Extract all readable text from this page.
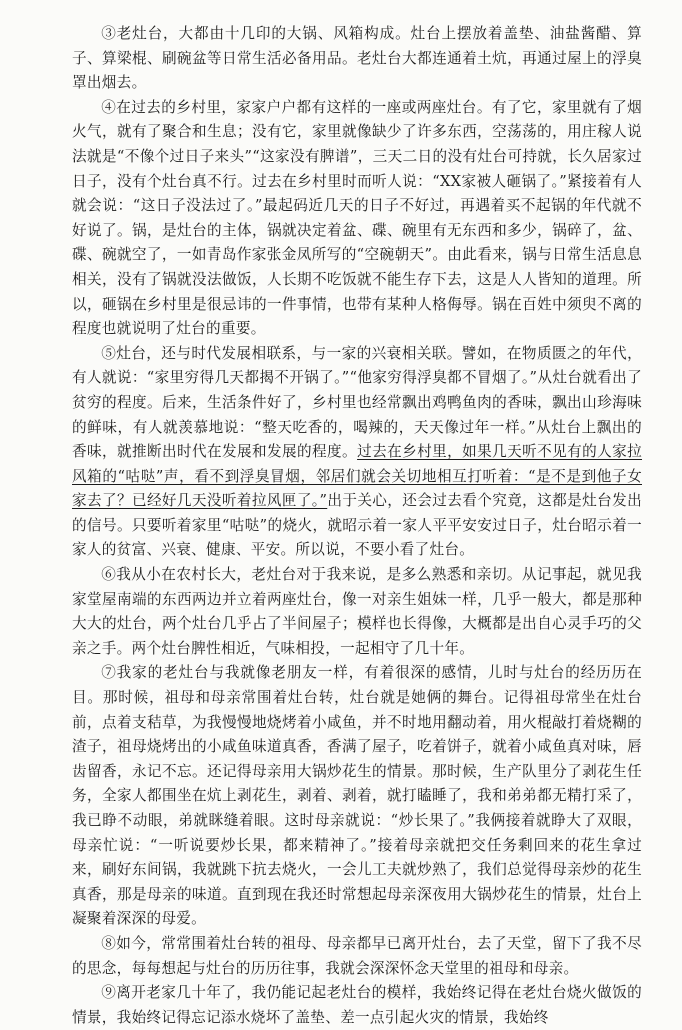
③老灶台，大都由十几印的大锅、风箱构成。灶台上摆放着盖垫、油盐酱醋、算子、算梁棍、刷碗盆等日常生活必备用品。老灶台大都连通着土炕，再通过屋上的浮臭罩出烟去。

④在过去的乡村里，家家户户都有这样的一座或两座灶台。有了它，家里就有了烟火气，就有了聚合和生息；没有它，家里就像缺少了许多东西，空荡荡的，用庄稼人说法就是“不像个过日子来头”“这家没有脾谱”，三天二日的没有灶台可持就，长久居家过日子，没有个灶台真不行。过去在乡村里时而听人说：“XX家被人砸锅了。”紧接着有人就会说：“这日子没法过了。”最起码近几天的日子不好过，再遇着买不起锅的年代就不好说了。锅，是灶台的主体，锅就决定着盆、碟、碗里有无东西和多少，锅碎了，盆、碟、碗就空了，一如青岛作家张金凤所写的“空碗朝天”。由此看来，锅与日常生活息息相关，没有了锅就没法做饭，人长期不吃饭就不能生存下去，这是人人皆知的道理。所以，砸锅在乡村里是很忌讳的一件事情，也带有某种人格侮辱。锅在百姓中须臾不离的程度也就说明了灶台的重要。

⑤灶台，还与时代发展相联系，与一家的兴衰相关联。譬如，在物质匮之的年代，有人就说：“家里穷得几天都揭不开锅了。”“他家穷得浮臭都不冒烟了。”从灶台就看出了贫穷的程度。后来，生活条件好了，乡村里也经常飘出鸡鸭鱼肉的香味，飘出山珍海味的鲜味，有人就羡慕地说：“整天吃香的，喝辣的，天天像过年一样。”从灶台上飘出的香味，就推断出时代在发展和发展的程度。过去在乡村里，如果几天听不见有的人家拉风箱的“咕哒”声，看不到浮臭冒烟，邻居们就会关切地相互打听着：“是不是到他子女家去了？已经好几天没听着拉风匣了。”出于关心，还会过去看个究竟，这都是灶台发出的信号。只要听着家里“咕哒”的烧火，就昭示着一家人平平安安过日子，灶台昭示着一家人的贫富、兴衰、健康、平安。所以说，不要小看了灶台。

⑥我从小在农村长大，老灶台对于我来说，是多么熟悉和亲切。从记事起，就见我家堂屋南端的东西两边并立着两座灶台，像一对亲生姐妹一样，几乎一般大，都是那种大大的灶台，两个灶台几乎占了半间屋子；模样也长得像，大概都是出自心灵手巧的父亲之手。两个灶台脾性相近，气味相投，一起相守了几十年。

⑦我家的老灶台与我就像老朋友一样，有着很深的感情，儿时与灶台的经历历在目。那时候，祖母和母亲常围着灶台转，灶台就是她俩的舞台。记得祖母常坐在灶台前，点着支秸草，为我慢慢地烧烤着小咸鱼，并不时地用翻动着，用火棍敲打着烧糊的渣子，祖母烧烤出的小咸鱼味道真香，香满了屋子，吃着饼子，就着小咸鱼真对味，唇齿留香，永记不忘。还记得母亲用大锅炒花生的情景。那时候，生产队里分了剥花生任务，全家人都围坐在炕上剥花生，剥着、剥着，就打瞌睡了，我和弟弟都无精打采了，我已睁不动眼，弟就眯缝着眼。这时母亲就说：“炒长果了。”我俩接着就睁大了双眼，母亲忙说：“一听说要炒长果，都来精神了。”接着母亲就把交任务剩回来的花生拿过来，刷好东间锅，我就跳下抗去烧火，一会儿工夫就炒熟了，我们总觉得母亲炒的花生真香，那是母亲的味道。直到现在我还时常想起母亲深夜用大锅炒花生的情景，灶台上凝聚着深深的母爱。

⑧如今，常常围着灶台转的祖母、母亲都早已离开灶台，去了天堂，留下了我不尽的思念，每每想起与灶台的历历往事，我就会深深怀念天堂里的祖母和母亲。

⑨离开老家几十年了，我仍能记起老灶台的模样，我始终记得在老灶台烧火做饭的情景，我始终记得忘记添水烧坏了盖垫、差一点引起火灾的情景，我始终
